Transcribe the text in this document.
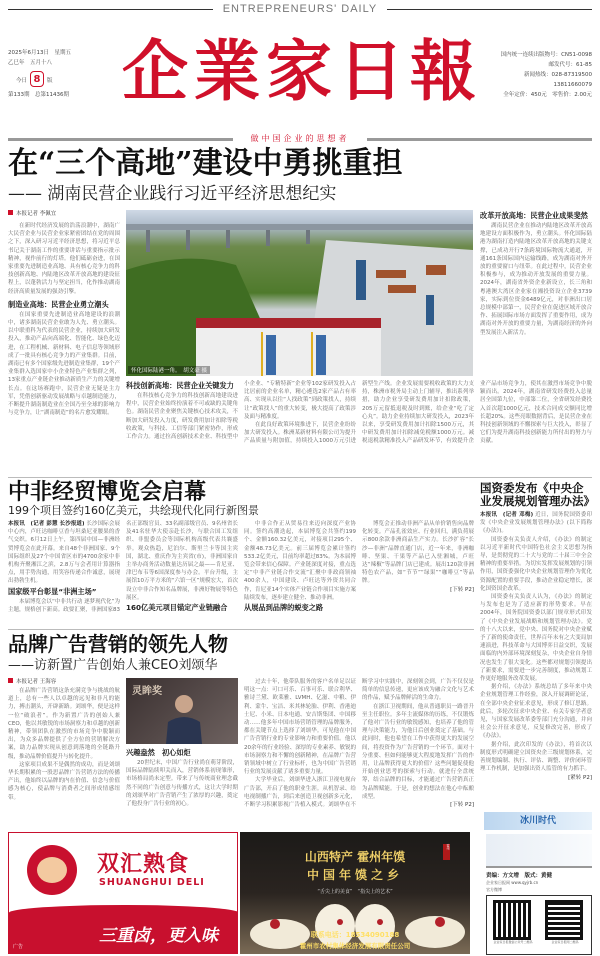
ENTREPRENEURS' DAILY
2025年6月13日　 星期五
乙巳年　五月十八
今日 8 版
第133期　 总第11436期 企業家日報	国内统一连续出版物号：CN51-0098
邮发代号：61-85
新闻热线：028-87319500
13811660079
全年定价：450元　零售价：2.00元
做中国企业的思想者
在“三个高地”建设中勇挑重担
—— 湖南民营企业践行习近平经济思想纪实
本报记者 李佩宜
在新时代经济发展的浩荡浪潮中，湖南广大民营企业与民营企业家紧密团结在党的周围之下，深入研习习近平经济思想，将习近平总书记关于湖南工作的重要讲话与重要指示批示精神，视作前行的灯塔。他们砥砺奋进，在国家重要先进制造业高地、具有核心竞争力的科技创新高地、内陆地区改革开放高地的建设征程上，以蓬勃活力与坚定担当，化作推动湖南经济高质量发展的强劲引擎。
制造业高地：民营企业勇立潮头
在国家重要先进制造业高地建设的浪潮中，诸多湖南民营企业敢为人先、勇立潮头。以中联重科为代表的民营企业，持续加大研发投入，推动产品向高端化、智能化、绿色化迈进，在工程机械、新材料、电子信息等领域形成了一批具有核心竞争力的产业集群。目前，湖南已有多个国家级先进制造业集群，19个产业集群入选国家中小企业特色产业集群之列，13家重点产业链企业推动新质生产力的关键增长点。在这场赛跑中，民营企业无疑是主力军，凭借创新驱动发展战略与卓越制造能力，不断提升湖南制造业在全国乃至全球的影响力与竞争力，让“湖南制造”的名片愈发耀眼。
怀化国际陆港一角。　胡文豪 摄
改革开放高地：民营企业成果斐然
湖南民营企业在推动内陆地区改革开放高地建设方面积极作为，勇立潮头。怀化国际陆港为湖南打造内陆地区改革开放高地的关键支撑，已成功开行7条跨境国际物流大通道，开通161条国际国内运输线路，成为湖南对外开放的重要窗口与纽带。在此过程中，民营企业积极参与，成为推动开放发展的重要力量。2024年，湖南省外资企业新设立，长三角和粤港澳大湾区企业家在湘投资设立企业3739家，实际到位资金6489亿元，对非洲出口居总规模中部第一，民营企业在促进区域开放合作、拓展国际市场方面发挥了重要作用，成为湖南对外开放的重要力量，为湖南经济的外向型发展注入新活力。
科技创新高地：民营企业关键发力
在科技核心竞争力的科技创新高地建设进程中，民营企业始终扮演着不可或缺的关键角色。湖南民营企业聚焦关键核心技术攻关，不断加大研发投入力度，研发费用加计扣除等税收政策，与科技、工信等部门紧密协作，形成工作合力。通过拉高创新技术企业、科技型中小企业、“专精特新”企业等102家研发投入占比居前的企业名单，精心遴选2家产品占有率高、实现从以往“人找政策”到政策找人，持续让“政策找人”的重大转变，极大提高了政策涉及面与精准度。
在此良好政策环境推进下，民营企业纷纷加大研发投入。株洲某新材料有限公司为提升产品质量与附加值，持续投入1000万元引进新型生产线。企业发展需要税收政策的大力支持，株洲市税务局主动上门辅导，推出系列举措，助力企业享受研发费用加计扣除政策，205万元留抵退税及时到账，给企业“吃了定心丸”。助力企业持续加大研发投入，2023年以来，享受研发费用加计扣除1500万元，其中研发费用加计扣除减免税额1000万元。减税退税款精准投入产品研发环节，有效提升企业产品市场竞争力，使其在激烈市场竞争中脱颖而出。2024年，湖南省研发经费投入总量居全国第九位，中部第二位，全省研发经费投入首次超1000亿元，技术合同成交额同比增长超20%。这些亮眼数据背后，是民营企业在科技创新领域的不懈探索与巨大投入，彰显了它们为提升湖南科技创新能力所付出的努力与贡献。
中非经贸博览会启幕
199个项目签约160亿美元，共绘现代化同行新图景
本报讯　(记者 彭慧 长沙报道) 长沙国际会展中心内，卢旺达咖啡豆香与坦桑尼亚腰果的香气交织。6月12日上午，第四届中国—非洲经贸博览会在此开幕。来自48个非洲国家、9个国际组织及27个中国省区市的4700余家中非机构齐聚湘江之滨，2.8万与会者用计算器指点，用手势沟通，用笑容传递合作诚意，展现出勃勃生机。
国家级平台彰显“非洲主场”
本届博览会以“中非共行动 逐梦现代化”为主题，规格创下新高。政要汇聚，非洲国家83名正部级官员、33名副部级官员、9名州省长及41名驻华大使亲赴长沙，与联合国工发组织、非盟委员会等国际机构高级代表共襄盛举。观众热趋，尼泊尔、斯里兰卡等国主宾国，湖北、重庆作为主宾省(市)，非洲国家自主举办商务活动数量达历届之最——肯尼亚、津巴布韦等6国深度参与办会。平台升级，主展馆10万平方米的“六馆一区”规模宏大，首次设立中非合作知名品牌展，非洲好物展等特色展区。
160亿美元项目锚定产业链融合
中非合作正从贸易往来迈向深度产业协同。签约高潮迭起，本届博览会共签约199个、金额160.32亿美元，对接项目295个、金额48.73亿美元。前三届博览会累计签约533.2亿美元，目前均率超过83%。为本届博览会带来信心保障。产业链深度对接，重点选定“中非产业链合作交流”汇聚中非政商领袖400余人，中国建设、卢旺达等外资共同合作，肯尼亚14个实体产业链合作项目实施方案陆续发布，逐步建立健全、推动非洲。
从展品到品牌的蜕变之路
博览会正推动非洲产品从单价销售向品牌化转变。产品孔雀效应、行业回归，满负荷展示800余款非洲商品生产实力。长沙扩容“长沙—非洲”品牌直通门店，近一年来，非洲咖啡、坚果、干果等产品已入驻湘城，卢旺达“辣椒”等品牌门店已建成。展出120款非洲特色农产品，如“节节”“绿果”“咖啡豆”等品牌。
[下转 P2]
国资委发布《中央企业发展规划管理办法》
本报讯　(记者 邓梅) 近日，国务院国资委印发《中央企业发展规划管理办法》(以下简称《办法》)。
国资委有关负责人介绍，《办法》的制定以习近平新时代中国特色社会主义思想为指导，是贯彻党的二十大与党的二十届三中全会精神的重要举措。为切实发挥发展规划的引领作用，国资委强化中央企业规划管理作为优化资源配置的重要手段，推动企业稳定增长，深化国资国企改革。
国资委有关负责人认为，《办法》的制定与发布也是为了适应新的形势要求。早在2004年，国务院国资委以部门规章形式印发了《中央企业发展战略和规划管理办法》。党的十八大以来，党中央、国务院对中央企业赋予了新的使命责任，世界百年未有之大变局加速演进，科技革命与大国博弈日益交织，发展面临的内外部环境深刻复杂，中央企业自身情况也发生了很大变化。这些都对规划引领提出了新要求，需要进一步完善制度，推动规划工作更好地服务改革发展。
据介绍，《办法》系统总结了多年来中央企业规划管理工作经验，深入开展调研论证，在全部中央企业征求意见，形成了修订思路。此后，多轮次征求中央企业、有关专家学者意见，与国家发展改革委等部门充分沟通，并向社会公开征求意见，反复修改完善，形成了《办法》。
据介绍，此次印发的《办法》，将首次以制度形式明确建立国资央企三级规划体系，完善规划编制、执行、评估、调整、评价闭环管理工作机制，是加强出资人监管的有力抓手。
[紧转 P2]
冰川时代
品牌广告营销的领先人物
——访新置广告创始人兼CEO刘颂华
本报记者 王海容
在品牌广告营销这条充满竞争与挑战的航道上，总有一些人以卓越的远见和非凡的能力，搏击潮头，开辟新路。刘颂华，便是这样一位“破浪者”。作为新置广告的创始人兼CEO，他以其敏锐的市场洞察力和卓越的创新精神，带领团队在激烈的市场竞争中脱颖而出，为众多品牌提供了全方位的营销解决方案，助力品牌实现从创意到落地的全链路升级，推动品牌价值提升与转化提升。
这家项目成果不是偶然的成功，而是刘颂华长期积累的一股思品牌广告营销方法的传播产出，他始终以品牌的内在价值、信念与价值感为核心，使品牌与消费者之间形成情感纽带。
灵眸奖
兴趣盎然　初心如炬
20世纪末，中国广告行业尚在萌芽阶段，国际品牌陆续叩关而入，营销体系初现雏形，市场格局尚未定型。带来了与传统商业理念截然不同的广告创意与传播方式，这让大学时期的刘颂华对广告营销产生了浓厚的兴趣，奠定了他投身广告行业的初心。
过去十年，他带队服务的客户名单足以证明这一点：可口可乐、百事可乐、联合利华、雅诗兰黛、欧莱雅、LVMH、亿滋、中粮、伊利、蒙牛、宝洁、米其林轮胎、伊利、香港迪士尼、小米、日本电通、安吉斯集团、中国移动……他多年中国市场营销管理的品牌服务，都在关键节点上选择了刘颂华。可见他在中国广告营销行业的专业影响力和重要价值。他以20余年的行业经验、深厚的专业素养、敏锐的市场洞察力和不懈的创新精神，在品牌广告营销领域中树立了行业标杆，也为中国广告营销行业的发展贡献了诸多重要力量。
大学毕业后，刘颂华进入浙江卫视电视台广告部，开启了他的职业生涯。从机智录、给电视制播广告，到后来创造卫视创新多元化，不断学习积累影视广告植入模式。刘颂华在不断学习中实践中，深刻领会到，广告不仅仅是简单的信息传递，更应该成为融合文化与艺术的作品，赋予品牌鲜活的生命力。
在浙江卫视期间，他从普通职员一路晋升至主任职位。多年主流媒体的历练，不仅锻炼了他对广告行业的敏锐感知，也培养了他的管理与决策能力，为他日后创业奠定了基础。与此同时，他也希望在工作中获得更大的发展空间，将投资作为广告营销的一个环节。面对十分重要、但如何能够更大程度地发挥广告的作用，让品牌获得更大的价值？这些问题促使他开始创业思考的探索与行动。就进行全盘统筹，结合品牌的目标，才能通过广告营销真正为品牌赋能。于是，创业的想法在他心中酝酿成型。
[下转 P2]
双汇熟食
SHUANGHUI DELI
三重卤，更入味
广告
山西特产 霍州年馍
中国年馍之乡
霍州
“舌尖上的美食”　“指尖上的艺术”
联系电话：18534090188
霍州市农村集体经济发展有限责任公司
责编：方文增　版式：黄健
企业家日报网 www.qyjrb.cn
官方微博
企业家日报微信公众号二维码	企业家日报网二维码
